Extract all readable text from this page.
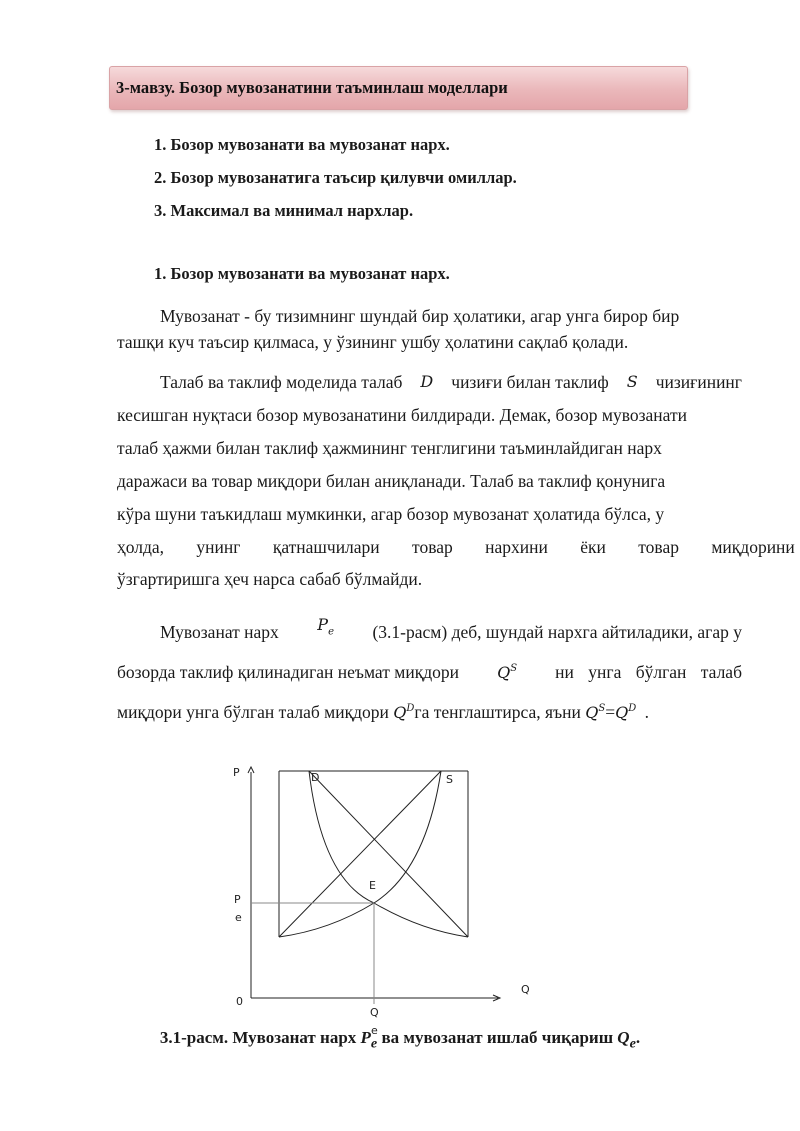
3-мавзу. Бозор мувозанатини таъминлаш моделлари
1. Бозор мувозанати ва мувозанат нарх.
2. Бозор мувозанатига таъсир қилувчи омиллар.
3. Максимал ва минимал нархлар.
1. Бозор мувозанати ва мувозанат нарх.
Мувозанат - бу тизимнинг шундай бир ҳолатики, агар унга бирор бир
ташқи куч таъсир қилмаса, у ўзининг ушбу ҳолатини сақлаб қолади.
Талаб ва таклиф моделида талаб D чизиғи билан таклиф S чизиғининг
кесишган нуқтаси бозор мувозанатини билдиради. Демак, бозор мувозанати
талаб ҳажми билан таклиф ҳажмининг тенглигини таъминлайдиган нарх
даражаси ва товар миқдори билан аниқланади. Талаб ва таклиф қонунига
кўра шуни таъкидлаш мумкинки, агар бозор мувозанат ҳолатида бўлса, у
ҳолда, унинг қатнашчилари товар нархини ёки товар миқдорини
ўзгартиришга ҳеч нарса сабаб бўлмайди.
Мувозанат нарх $P_e$ (3.1-расм) деб, шундай нархга айтиладики, агар у
бозорда таклиф қилинадиган неъмат миқдори $Q^S$ ни унга бўлган талаб
миқдори унга бўлган талаб миқдори $Q^Dга$ тенглаштирса, яъни $Q^S=Q^D$ .
P	D	S
E
P
e
0
Q
Q
e
3.1-расм. Мувозанат нарх $P_e$ ва мувозанат ишлаб чиқариш $Q_e$.
